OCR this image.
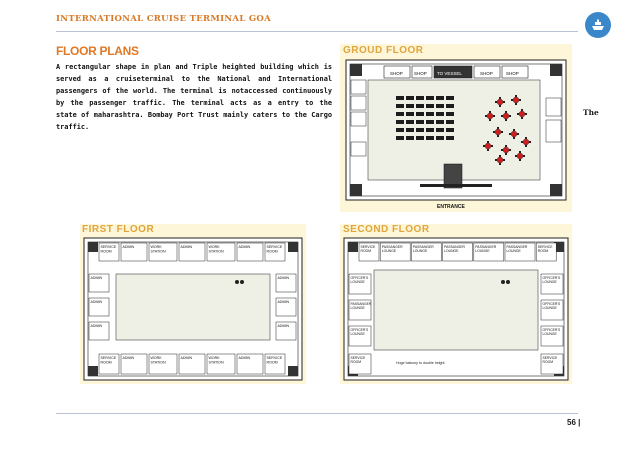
INTERNATIONAL CRUISE TERMINAL GOA
FLOOR PLANS
A rectangular shape in plan and Triple heighted building which is served as a cruiseterminal to the National and International passengers of the world. The terminal is notaccessed continuously by the passenger traffic. The terminal acts as a entry to the state of maharashtra. Bombay Port Trust mainly caters to the Cargo traffic.
The
GROUD FLOOR
SHOP SHOP TO VESSEL	SHOP	SHOP
ENTRANCE
FIRST FLOOR
SERVICE
ROOM
ADMIN	WORK
STATION
ADMIN	WORK
STATION
ADMIN	SERVICE
ROOM
SERVICE
ROOM
ADMIN	WORK
STATION
ADMIN	WORK
STATION
ADMIN	SERVICE
ROOM
ADMIN
ADMIN
ADMIN
ADMIN
ADMIN
ADMIN
SECOND FLOOR
SERVICE
ROOM
PASSANGER
LOUNGE
PASSANGER
LOUNGE
PASSANGER
LOUNGE
PASSANGER
LOUNGE
PASSANGER
LOUNGE
SERVICE
ROOM
OFFICER'S
LOUNGE
PASSANGER
LOUNGE
OFFICER'S
LOUNGE
OFFICER'S
LOUNGE
OFFICER'S
LOUNGE
OFFICER'S
LOUNGE
SERVICE
ROOM
SERVICE
ROOM
Huge balcony to double height
56 |
